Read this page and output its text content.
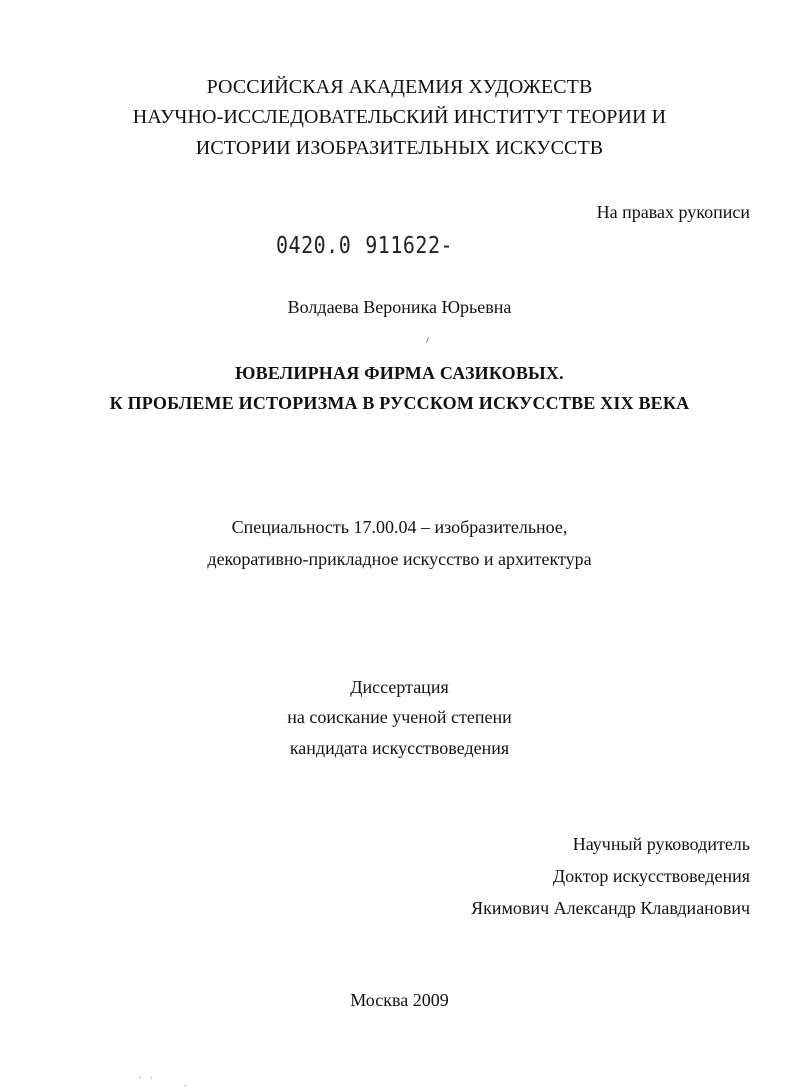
РОССИЙСКАЯ АКАДЕМИЯ ХУДОЖЕСТВ
НАУЧНО-ИССЛЕДОВАТЕЛЬСКИЙ ИНСТИТУТ ТЕОРИИ И
ИСТОРИИ ИЗОБРАЗИТЕЛЬНЫХ ИСКУССТВ
На правах рукописи
0420.0 911622-
Волдаева Вероника Юрьевна
ЮВЕЛИРНАЯ ФИРМА САЗИКОВЫХ.
К ПРОБЛЕМЕ ИСТОРИЗМА В РУССКОМ ИСКУССТВЕ XIX ВЕКА
Специальность 17.00.04 – изобразительное,
декоративно-прикладное искусство и архитектура
Диссертация
на соискание ученой степени
кандидата искусствоведения
Научный руководитель
Доктор искусствоведения
Якимович Александр Клавдианович
Москва 2009
˙ ˙     ˎ
